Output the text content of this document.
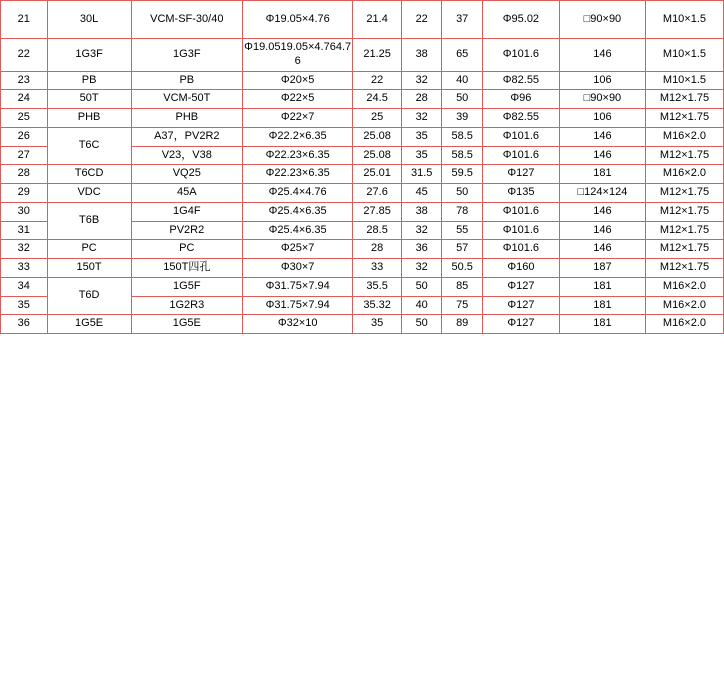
21	30L	VCM-SF-30/40	Φ19.05×4.76	21.4	22	37	Φ95.02	□90×90	M10×1.5
22	1G3F	1G3F	Φ19.0519.05×4.764.76	21.25	38	65	Φ101.6	146	M10×1.5
23	PB	PB	Φ20×5	22	32	40	Φ82.55	106	M10×1.5
24	50T	VCM-50T	Φ22×5	24.5	28	50	Φ96	□90×90	M12×1.75
25	PHB	PHB	Φ22×7	25	32	39	Φ82.55	106	M12×1.75
26	T6C	A37，PV2R2	Φ22.2×6.35	25.08	35	58.5	Φ101.6	146	M16×2.0
27		V23，V38	Φ22.23×6.35	25.08	35	58.5	Φ101.6	146	M12×1.75
28	T6CD	VQ25	Φ22.23×6.35	25.01	31.5	59.5	Φ127	181	M16×2.0
29	VDC	45A	Φ25.4×4.76	27.6	45	50	Φ135	□124×124	M12×1.75
30	T6B	1G4F	Φ25.4×6.35	27.85	38	78	Φ101.6	146	M12×1.75
31		PV2R2	Φ25.4×6.35	28.5	32	55	Φ101.6	146	M12×1.75
32	PC	PC	Φ25×7	28	36	57	Φ101.6	146	M12×1.75
33	150T	150T四孔	Φ30×7	33	32	50.5	Φ160	187	M12×1.75
34	T6D	1G5F	Φ31.75×7.94	35.5	50	85	Φ127	181	M16×2.0
35		1G2R3	Φ31.75×7.94	35.32	40	75	Φ127	181	M16×2.0
36	1G5E	1G5E	Φ32×10	35	50	89	Φ127	181	M16×2.0
